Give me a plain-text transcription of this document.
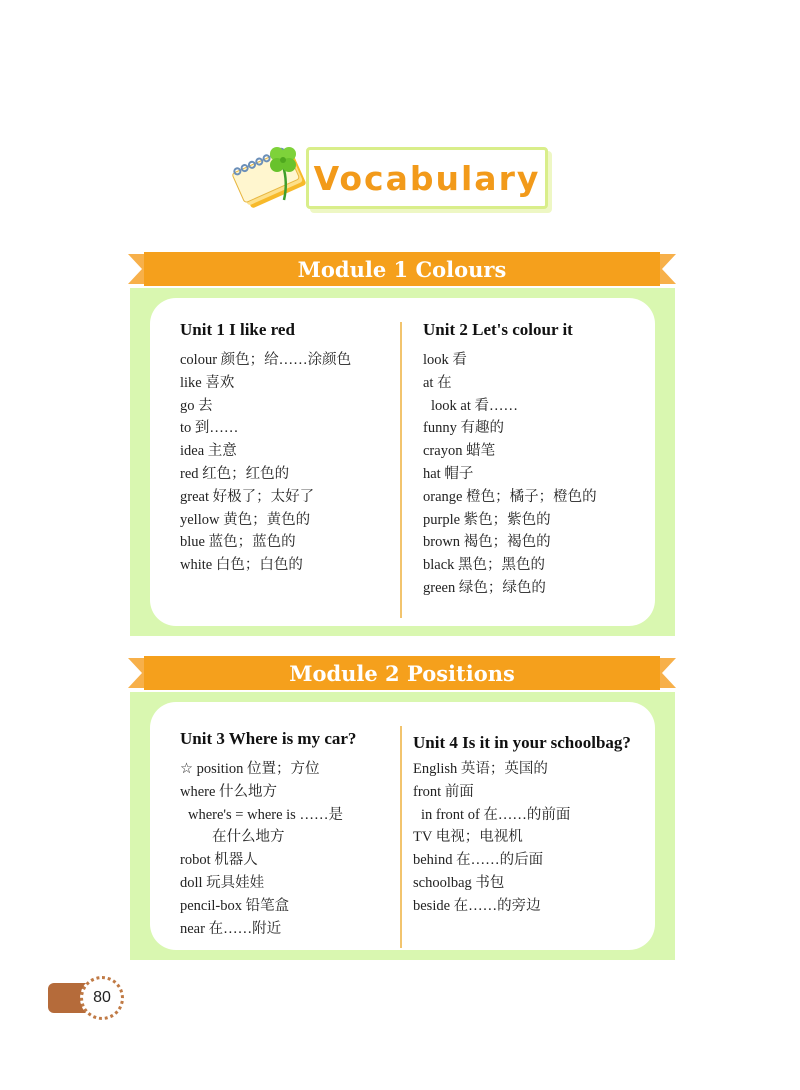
Vocabulary
Module 1 Colours
Unit 1 I like red
colour 颜色；给……涂颜色
like 喜欢
go 去
to 到……
idea 主意
red 红色；红色的
great 好极了；太好了
yellow 黄色；黄色的
blue 蓝色；蓝色的
white 白色；白色的
Unit 2 Let's colour it
look 看
at 在
look at 看……
funny 有趣的
crayon 蜡笔
hat 帽子
orange 橙色；橘子；橙色的
purple 紫色；紫色的
brown 褐色；褐色的
black 黑色；黑色的
green 绿色；绿色的
Module 2 Positions
Unit 3 Where is my car?
☆ position 位置；方位
where 什么地方
where's = where is ……是
在什么地方
robot 机器人
doll 玩具娃娃
pencil-box 铅笔盒
near 在……附近
Unit 4 Is it in your schoolbag?
English 英语；英国的
front 前面
in front of 在……的前面
TV 电视；电视机
behind 在……的后面
schoolbag 书包
beside 在……的旁边
80
